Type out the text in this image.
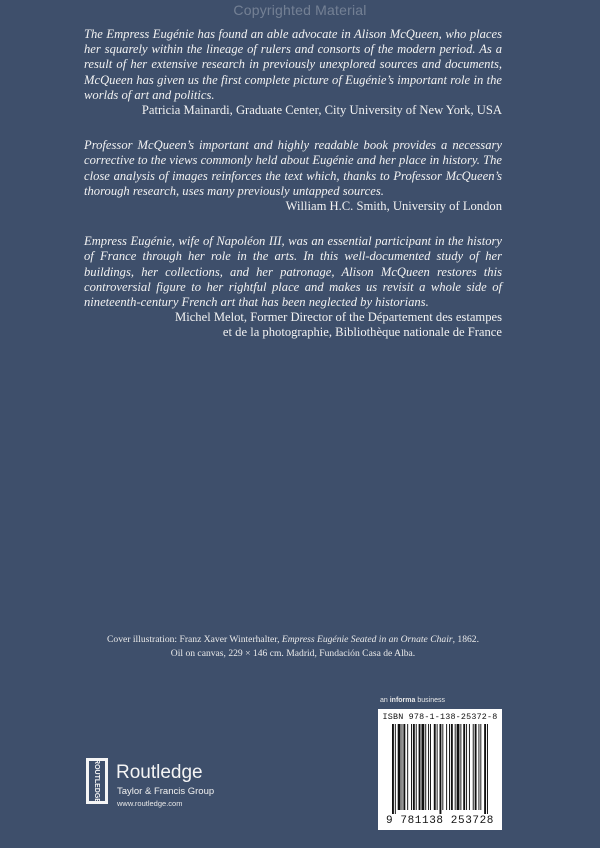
Copyrighted Material

The Empress Eugénie has found an able advocate in Alison McQueen, who places her squarely within the lineage of rulers and consorts of the modern period. As a result of her extensive research in previously unexplored sources and documents, McQueen has given us the first complete picture of Eugénie’s important role in the worlds of art and politics.

Patricia Mainardi, Graduate Center, City University of New York, USA

Professor McQueen’s important and highly readable book provides a necessary corrective to the views commonly held about Eugénie and her place in history. The close analysis of images reinforces the text which, thanks to Professor McQueen’s thorough research, uses many previously untapped sources.

William H.C. Smith, University of London

Empress Eugénie, wife of Napoléon III, was an essential participant in the history of France through her role in the arts. In this well-documented study of her buildings, her collections, and her patronage, Alison McQueen restores this controversial figure to her rightful place and makes us revisit a whole side of nineteenth-century French art that has been neglected by historians.

Michel Melot, Former Director of the Département des estampes
et de la photographie, Bibliothèque nationale de France

Cover illustration: Franz Xaver Winterhalter, Empress Eugénie Seated in an Ornate Chair, 1862.
Oil on canvas, 229 × 146 cm. Madrid, Fundación Casa de Alba.
an informa business
ISBN 978-1-138-25372-8
9 781138 253728
ROUTLEDGE Routledge
Taylor & Francis Group
www.routledge.com
